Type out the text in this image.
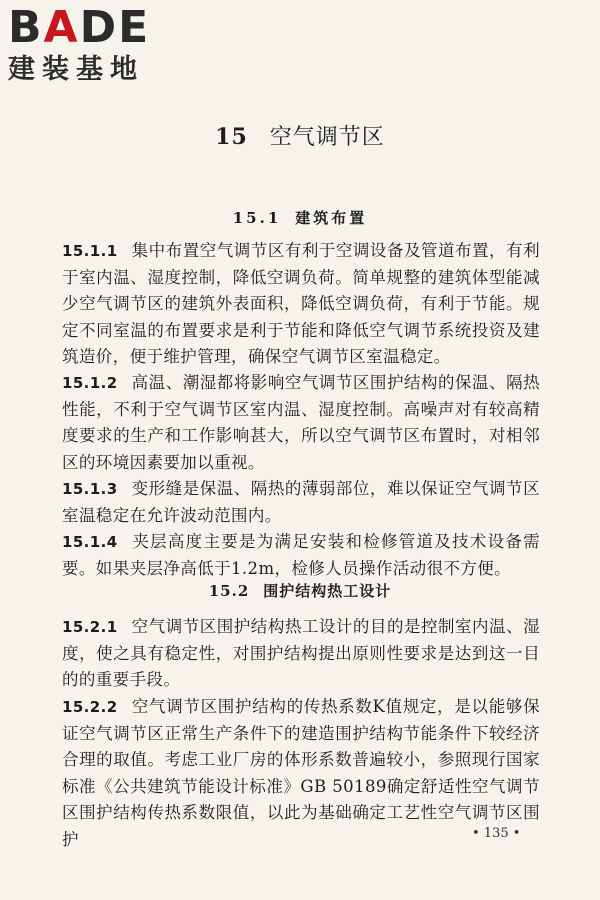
BADE
建装基地
15 空气调节区
15.1 建筑布置
15.1.1 集中布置空气调节区有利于空调设备及管道布置，有利于室内温、湿度控制，降低空调负荷。简单规整的建筑体型能减少空气调节区的建筑外表面积，降低空调负荷，有利于节能。规定不同室温的布置要求是利于节能和降低空气调节系统投资及建筑造价，便于维护管理，确保空气调节区室温稳定。
15.1.2 高温、潮湿都将影响空气调节区围护结构的保温、隔热性能，不利于空气调节区室内温、湿度控制。高噪声对有较高精度要求的生产和工作影响甚大，所以空气调节区布置时，对相邻区的环境因素要加以重视。
15.1.3 变形缝是保温、隔热的薄弱部位，难以保证空气调节区室温稳定在允许波动范围内。
15.1.4 夹层高度主要是为满足安装和检修管道及技术设备需要。如果夹层净高低于1.2m，检修人员操作活动很不方便。
15.2 围护结构热工设计
15.2.1 空气调节区围护结构热工设计的目的是控制室内温、湿度，使之具有稳定性，对围护结构提出原则性要求是达到这一目的的重要手段。
15.2.2 空气调节区围护结构的传热系数K值规定，是以能够保证空气调节区正常生产条件下的建造围护结构节能条件下较经济合理的取值。考虑工业厂房的体形系数普遍较小，参照现行国家标准《公共建筑节能设计标准》GB 50189确定舒适性空气调节区围护结构传热系数限值，以此为基础确定工艺性空气调节区围护	• 135 •
